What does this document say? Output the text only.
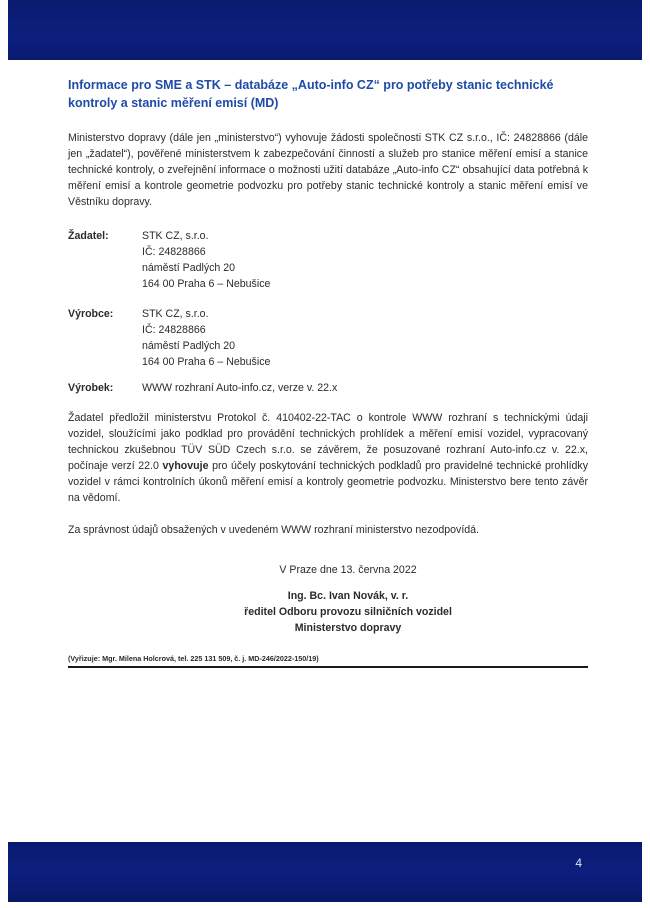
Informace pro SME a STK – databáze „Auto-info CZ“ pro potřeby stanic technické kontroly a stanic měření emisí (MD)

Ministerstvo dopravy (dále jen „ministerstvo“) vyhovuje žádosti společnosti STK CZ s.r.o., IČ: 24828866 (dále jen „žadatel“), pověřené ministerstvem k zabezpečování činností a služeb pro stanice měření emisí a stanice technické kontroly, o zveřejnění informace o možnosti užití databáze „Auto-info CZ“ obsahující data potřebná k měření emisí a kontrole geometrie podvozku pro potřeby stanic technické kontroly a stanic měření emisí ve Věstníku dopravy.

Žadatel:	STK CZ, s.r.o.
IČ: 24828866
náměstí Padlých 20
164 00 Praha 6 – Nebušice
Výrobce:	STK CZ, s.r.o.
IČ: 24828866
náměstí Padlých 20
164 00 Praha 6 – Nebušice
Výrobek:	WWW rozhraní Auto-info.cz, verze v. 22.x

Žadatel předložil ministerstvu Protokol č. 410402-22-TAC o kontrole WWW rozhraní s technickými údaji vozidel, sloužícími jako podklad pro provádění technických prohlídek a měření emisí vozidel, vypracovaný technickou zkušebnou TÜV SÜD Czech s.r.o. se závěrem, že posuzované rozhraní Auto-info.cz v. 22.x, počínaje verzí 22.0 vyhovuje pro účely poskytování technických podkladů pro pravidelné technické prohlídky vozidel v rámci kontrolních úkonů měření emisí a kontroly geometrie podvozku. Ministerstvo bere tento závěr na vědomí.

Za správnost údajů obsažených v uvedeném WWW rozhraní ministerstvo nezodpovídá.

V Praze dne 13. června 2022
Ing. Bc. Ivan Novák, v. r.
ředitel Odboru provozu silničních vozidel
Ministerstvo dopravy
(Vyřizuje: Mgr. Milena Holcrová, tel. 225 131 509, č. j. MD-246/2022-150/19)
4
